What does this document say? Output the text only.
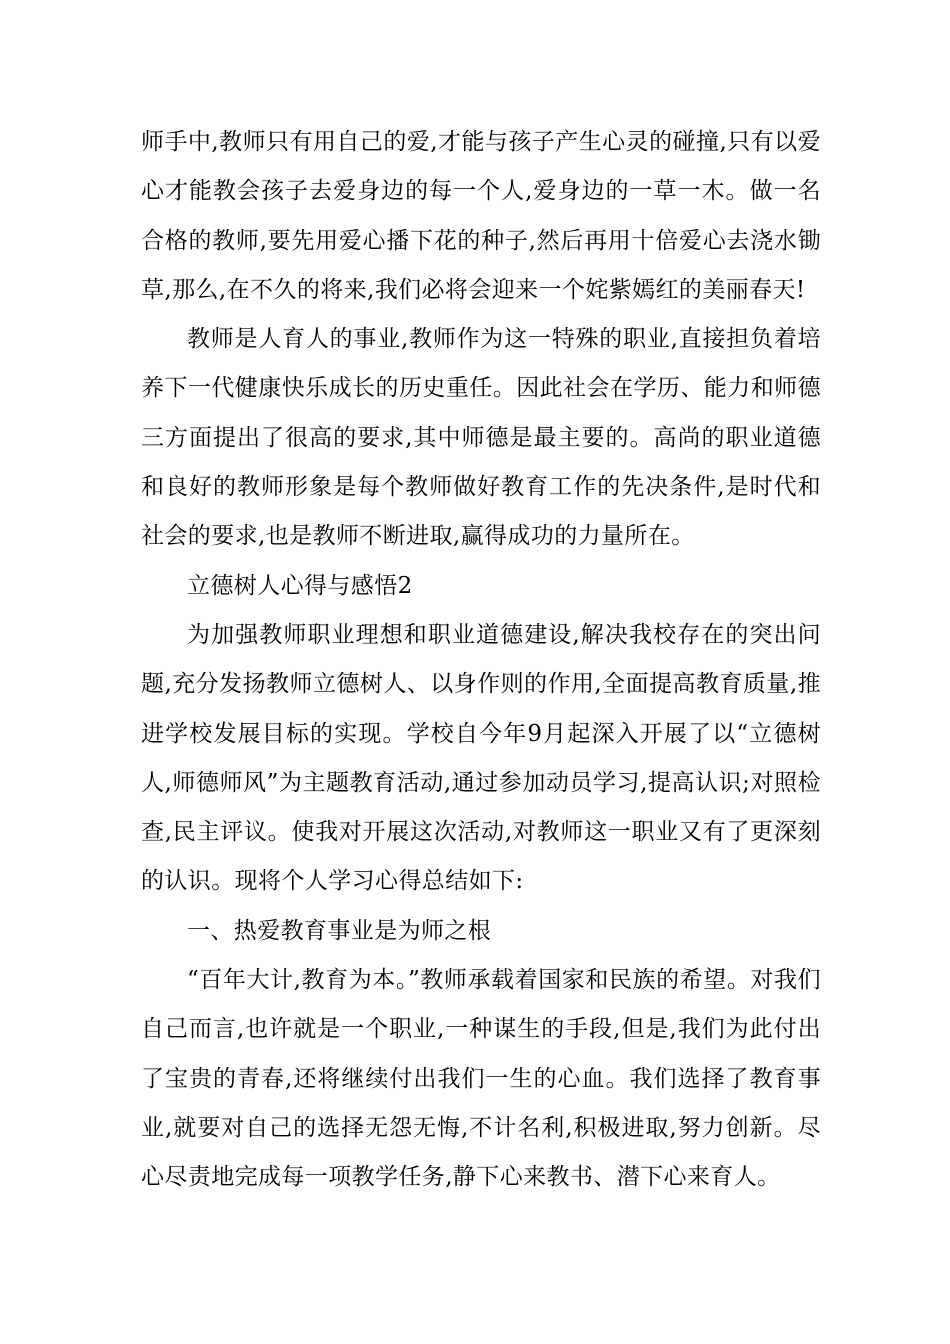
师手中,教师只有用自己的爱,才能与孩子产生心灵的碰撞,只有以爱心才能教会孩子去爱身边的每一个人,爱身边的一草一木。做一名合格的教师,要先用爱心播下花的种子,然后再用十倍爱心去浇水锄草,那么,在不久的将来,我们必将会迎来一个姹紫嫣红的美丽春天!

教师是人育人的事业,教师作为这一特殊的职业,直接担负着培养下一代健康快乐成长的历史重任。因此社会在学历、能力和师德三方面提出了很高的要求,其中师德是最主要的。高尚的职业道德和良好的教师形象是每个教师做好教育工作的先决条件,是时代和社会的要求,也是教师不断进取,赢得成功的力量所在。

立德树人心得与感悟2

为加强教师职业理想和职业道德建设,解决我校存在的突出问题,充分发扬教师立德树人、以身作则的作用,全面提高教育质量,推进学校发展目标的实现。学校自今年9月起深入开展了以“立德树人,师德师风”为主题教育活动,通过参加动员学习,提高认识;对照检查,民主评议。使我对开展这次活动,对教师这一职业又有了更深刻的认识。现将个人学习心得总结如下:

一、热爱教育事业是为师之根

“百年大计,教育为本。”教师承载着国家和民族的希望。对我们自己而言,也许就是一个职业,一种谋生的手段,但是,我们为此付出了宝贵的青春,还将继续付出我们一生的心血。我们选择了教育事业,就要对自己的选择无怨无悔,不计名利,积极进取,努力创新。尽心尽责地完成每一项教学任务,静下心来教书、潜下心来育人。
